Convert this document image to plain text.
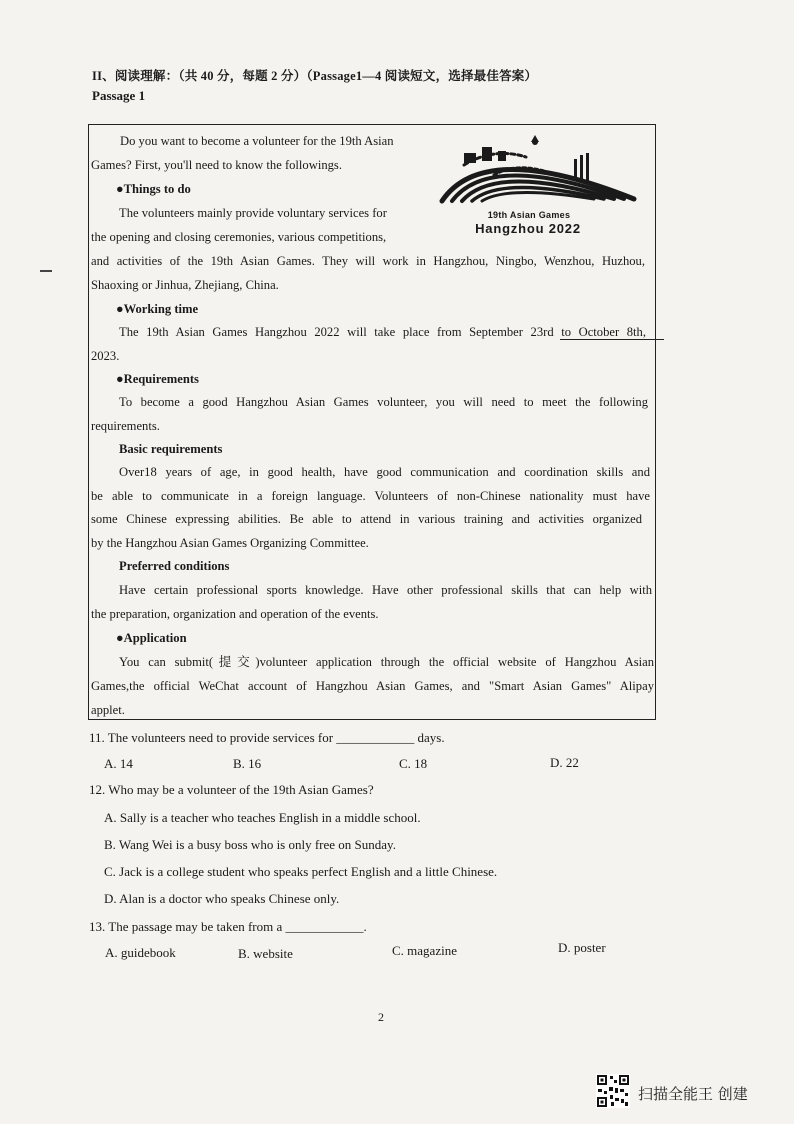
II、阅读理解：（共 40 分，每题 2 分）（Passage1—4 阅读短文，选择最佳答案）
Passage 1
19th Asian Games
Hangzhou 2022
Do you want to become a volunteer for the 19th Asian
Games? First, you'll need to know the followings.
●Things to do
The volunteers mainly provide voluntary services for
the opening and closing ceremonies, various competitions,
and activities of the 19th Asian Games. They will work in Hangzhou, Ningbo, Wenzhou, Huzhou,
Shaoxing or Jinhua, Zhejiang, China.
●Working time
The 19th Asian Games Hangzhou 2022 will take place from September 23rd to October 8th,
2023.
●Requirements
To become a good Hangzhou Asian Games volunteer, you will need to meet the following
requirements.
Basic requirements
Over18 years of age, in good health, have good communication and coordination skills and
be able to communicate in a foreign language. Volunteers of non-Chinese nationality must have
some Chinese expressing abilities. Be able to attend in various training and activities organized
by the Hangzhou Asian Games Organizing Committee.
Preferred conditions
Have certain professional sports knowledge. Have other professional skills that can help with
the preparation, organization and operation of the events.
●Application
You can submit(提交)volunteer application through the official website of Hangzhou Asian
Games,the official WeChat account of Hangzhou Asian Games, and "Smart Asian Games" Alipay
applet.
11. The volunteers need to provide services for ____________ days.
A. 14	B. 16	C. 18	D. 22
12. Who may be a volunteer of the 19th Asian Games?
A. Sally is a teacher who teaches English in a middle school.
B. Wang Wei is a busy boss who is only free on Sunday.
C. Jack is a college student who speaks perfect English and a little Chinese.
D. Alan is a doctor who speaks Chinese only.
13. The passage may be taken from a ____________.
A. guidebook	B. website	C. magazine	D. poster
2
扫描全能王 创建
